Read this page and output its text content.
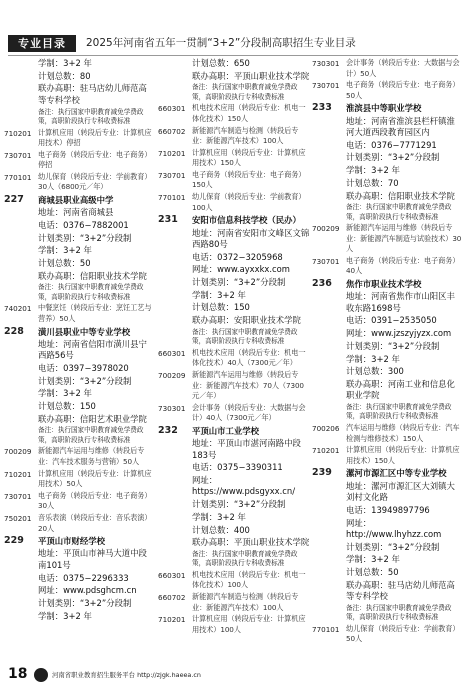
专业目录	2025年河南省五年一贯制“3+2”分段制高职招生专业目录
学制：3+2 年
计划总数：80
联办高职：驻马店幼儿师范高等专科学校
备注：执行国家中职教育减免学费政策，高职阶段执行专科收费标准
710201 计算机应用（转段后专业：计算机应用技术）停招
730701 电子商务（转段后专业：电子商务）停招
770101 幼儿保育（转段后专业：学前教育）30人（6800元／年）
227	商城县职业高级中学
地址：河南省商城县
电话：0376−7882001
计划类别：“3+2”分段制
学制：3+2 年
计划总数：50
联办高职：信阳职业技术学院
备注：执行国家中职教育减免学费政策，高职阶段执行专科收费标准
740201 中餐烹饪（转段后专业：烹饪工艺与营养）50人
228	潢川县职业中等专业学校
地址：河南省信阳市潢川县宁西路56号
电话：0397−3978020
计划类别：“3+2”分段制
学制：3+2 年
计划总数：150
联办高职：信阳艺术职业学院
备注：执行国家中职教育减免学费政策，高职阶段执行专科收费标准
700209 新能源汽车运用与维修（转段后专业：汽车技术服务与营销）50人
710201 计算机应用（转段后专业：计算机应用技术）50人
730701 电子商务（转段后专业：电子商务）30人
750201 音乐表演（转段后专业：音乐表演）20人
229	平顶山市财经学校
地址：平顶山市神马大道中段南101号
电话：0375−2296333
网址：www.pdsghcm.cn
计划类别：“3+2”分段制
学制：3+2 年
计划总数：650
联办高职：平顶山职业技术学院
备注：执行国家中职教育减免学费政策，高职阶段执行专科收费标准
660301 机电技术应用（转段后专业：机电一体化技术）150人
660702 新能源汽车制造与检测（转段后专业：新能源汽车技术）100人
710201 计算机应用（转段后专业：计算机应用技术）150人
730701 电子商务（转段后专业：电子商务）150人
770101 幼儿保育（转段后专业：学前教育）100人
231	安阳市信息科技学校（民办）
地址：河南省安阳市文峰区文锦西路80号
电话：0372−3205968
网址：www.ayxxkx.com
计划类别：“3+2”分段制
学制：3+2 年
计划总数：150
联办高职：安阳职业技术学院
备注：执行国家中职教育减免学费政策，高职阶段执行专科收费标准
660301 机电技术应用（转段后专业：机电一体化技术）40人（7300元／年）
700209 新能源汽车运用与维修（转段后专业：新能源汽车技术）70人（7300元／年）
730301 会计事务（转段后专业：大数据与会计）40人（7300元／年）
232	平顶山市工业学校
地址：平顶山市湛河南路中段183号
电话：0375−3390311
网址：https://www.pdsgyxx.cn/
计划类别：“3+2”分段制
学制：3+2 年
计划总数：400
联办高职：平顶山职业技术学院
备注：执行国家中职教育减免学费政策，高职阶段执行专科收费标准
660301 机电技术应用（转段后专业：机电一体化技术）100人
660702 新能源汽车制造与检测（转段后专业：新能源汽车技术）100人
710201 计算机应用（转段后专业：计算机应用技术）100人
730301 会计事务（转段后专业：大数据与会计）50人
730701 电子商务（转段后专业：电子商务）50人
233	淮滨县中等职业学校
地址：河南省淮滨县栏杆镇淮河大道西段教育园区内
电话：0376−7771291
计划类别：“3+2”分段制
学制：3+2 年
计划总数：70
联办高职：信阳职业技术学院
备注：执行国家中职教育减免学费政策，高职阶段执行专科收费标准
700209 新能源汽车运用与维修（转段后专业：新能源汽车制造与试验技术）30人
730701 电子商务（转段后专业：电子商务）40人
236	焦作市职业技术学校
地址：河南省焦作市山阳区丰收东路1698号
电话：0391−2535050
网址：www.jzszyjyzx.com
计划类别：“3+2”分段制
学制：3+2 年
计划总数：300
联办高职：河南工业和信息化职业学院
备注：执行国家中职教育减免学费政策，高职阶段执行专科收费标准
700206 汽车运用与维修（转段后专业：汽车检测与维修技术）150人
710201 计算机应用（转段后专业：计算机应用技术）150人
239	漯河市源汇区中等专业学校
地址：漯河市源汇区大刘镇大刘村文化路
电话：13949897796
网址：http://www.lhyhzz.com
计划类别：“3+2”分段制
学制：3+2 年
计划总数：50
联办高职：驻马店幼儿师范高等专科学校
备注：执行国家中职教育减免学费政策，高职阶段执行专科收费标准
770101 幼儿保育（转段后专业：学前教育）50人
18	河南省职业教育招生服务平台 http://zjgk.haeea.cn
